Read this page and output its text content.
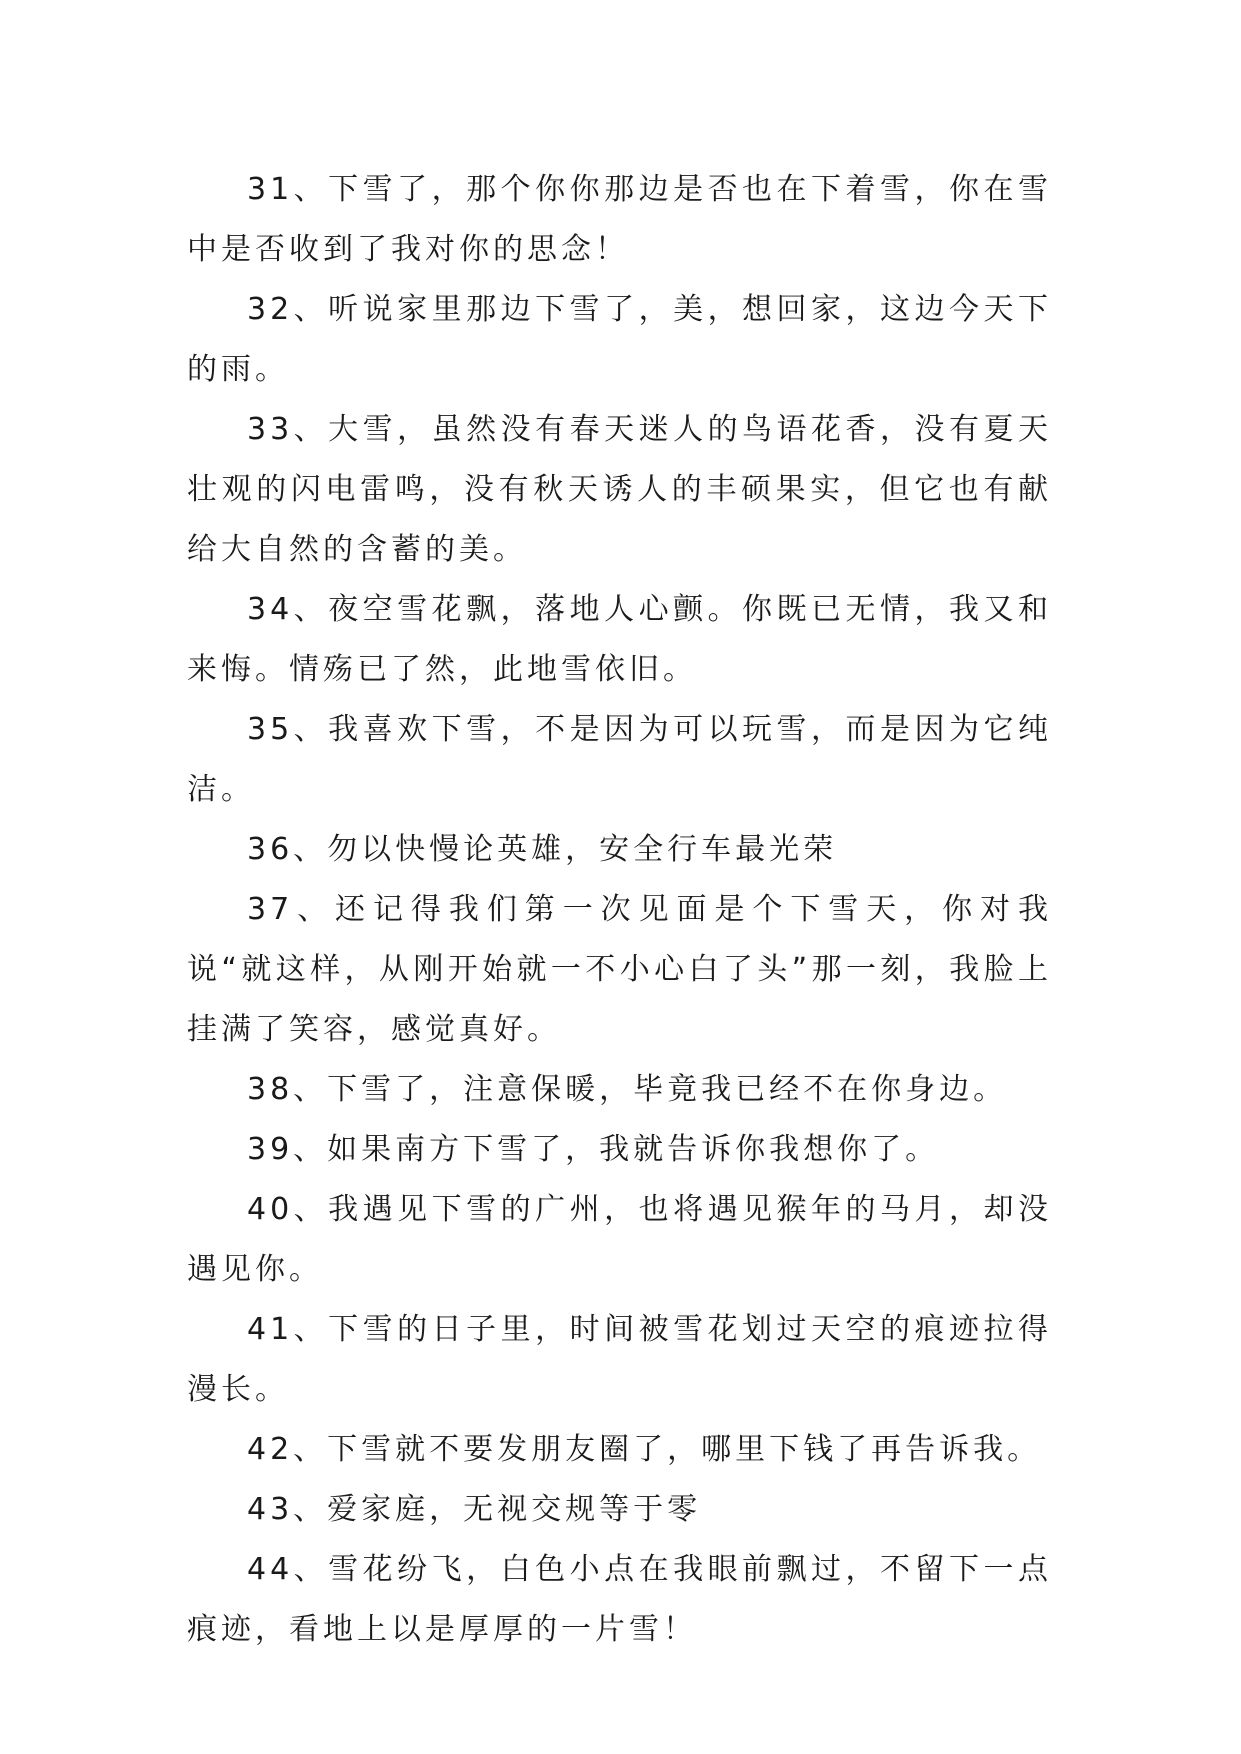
31、下雪了，那个你你那边是否也在下着雪，你在雪中是否收到了我对你的思念！

32、听说家里那边下雪了，美，想回家，这边今天下的雨。

33、大雪，虽然没有春天迷人的鸟语花香，没有夏天壮观的闪电雷鸣，没有秋天诱人的丰硕果实，但它也有献给大自然的含蓄的美。

34、夜空雪花飘，落地人心颤。你既已无情，我又和来悔。情殇已了然，此地雪依旧。

35、我喜欢下雪，不是因为可以玩雪，而是因为它纯洁。

36、勿以快慢论英雄，安全行车最光荣

37、还记得我们第一次见面是个下雪天，你对我说“就这样，从刚开始就一不小心白了头”那一刻，我脸上挂满了笑容，感觉真好。

38、下雪了，注意保暖，毕竟我已经不在你身边。

39、如果南方下雪了，我就告诉你我想你了。

40、我遇见下雪的广州，也将遇见猴年的马月，却没遇见你。

41、下雪的日子里，时间被雪花划过天空的痕迹拉得漫长。

42、下雪就不要发朋友圈了，哪里下钱了再告诉我。

43、爱家庭，无视交规等于零

44、雪花纷飞，白色小点在我眼前飘过，不留下一点痕迹，看地上以是厚厚的一片雪！
